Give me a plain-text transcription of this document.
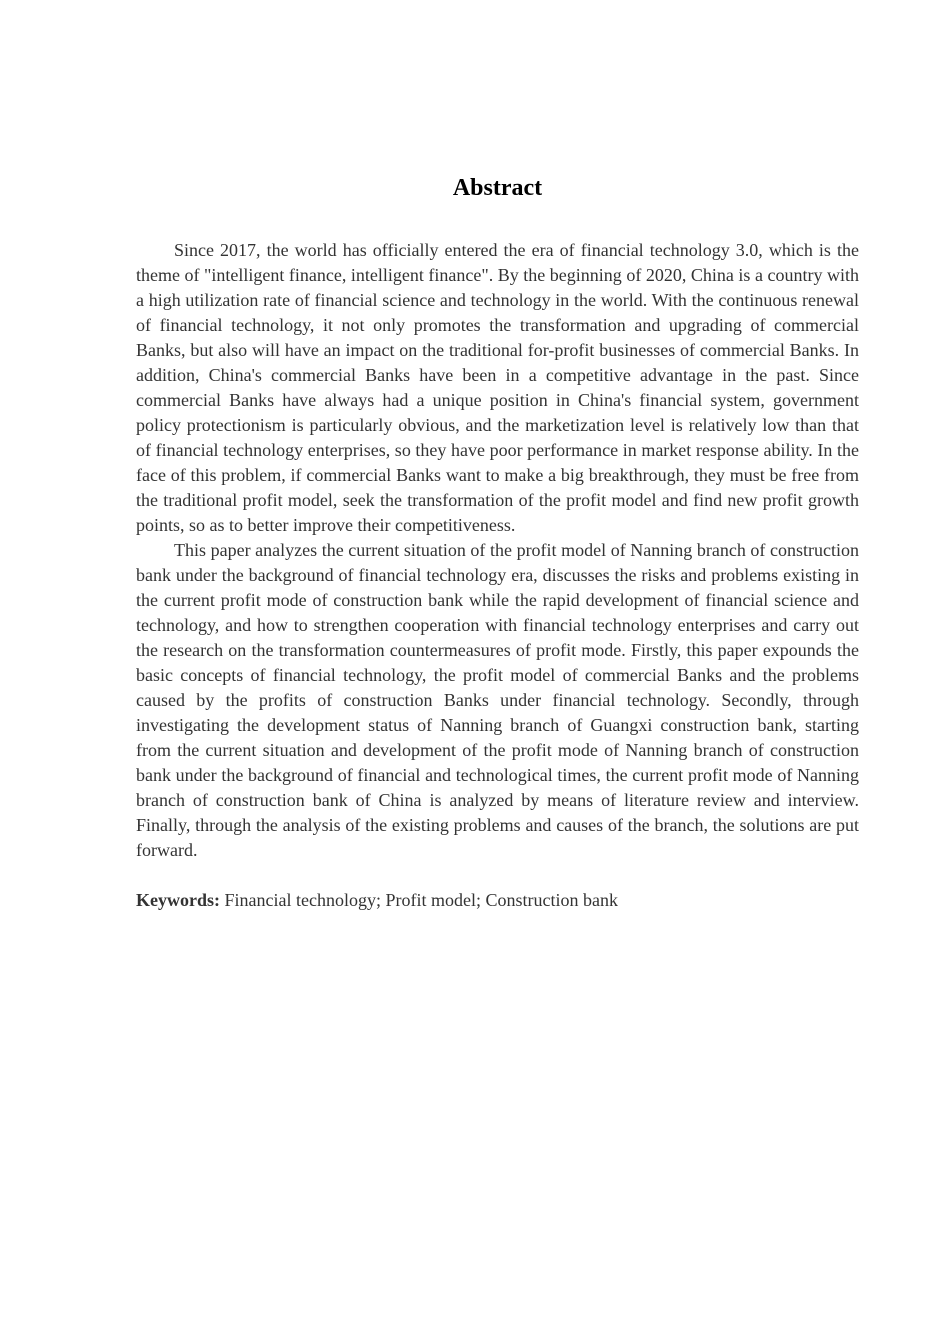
Abstract

Since 2017, the world has officially entered the era of financial technology 3.0, which is the theme of "intelligent finance, intelligent finance". By the beginning of 2020, China is a country with a high utilization rate of financial science and technology in the world. With the continuous renewal of financial technology, it not only promotes the transformation and upgrading of commercial Banks, but also will have an impact on the traditional for-profit businesses of commercial Banks. In addition, China's commercial Banks have been in a competitive advantage in the past. Since commercial Banks have always had a unique position in China's financial system, government policy protectionism is particularly obvious, and the marketization level is relatively low than that of financial technology enterprises, so they have poor performance in market response ability. In the face of this problem, if commercial Banks want to make a big breakthrough, they must be free from the traditional profit model, seek the transformation of the profit model and find new profit growth points, so as to better improve their competitiveness.

This paper analyzes the current situation of the profit model of Nanning branch of construction bank under the background of financial technology era, discusses the risks and problems existing in the current profit mode of construction bank while the rapid development of financial science and technology, and how to strengthen cooperation with financial technology enterprises and carry out the research on the transformation countermeasures of profit mode. Firstly, this paper expounds the basic concepts of financial technology, the profit model of commercial Banks and the problems caused by the profits of construction Banks under financial technology. Secondly, through investigating the development status of Nanning branch of Guangxi construction bank, starting from the current situation and development of the profit mode of Nanning branch of construction bank under the background of financial and technological times, the current profit mode of Nanning branch of construction bank of China is analyzed by means of literature review and interview. Finally, through the analysis of the existing problems and causes of the branch, the solutions are put forward.

Keywords: Financial technology; Profit model; Construction bank
